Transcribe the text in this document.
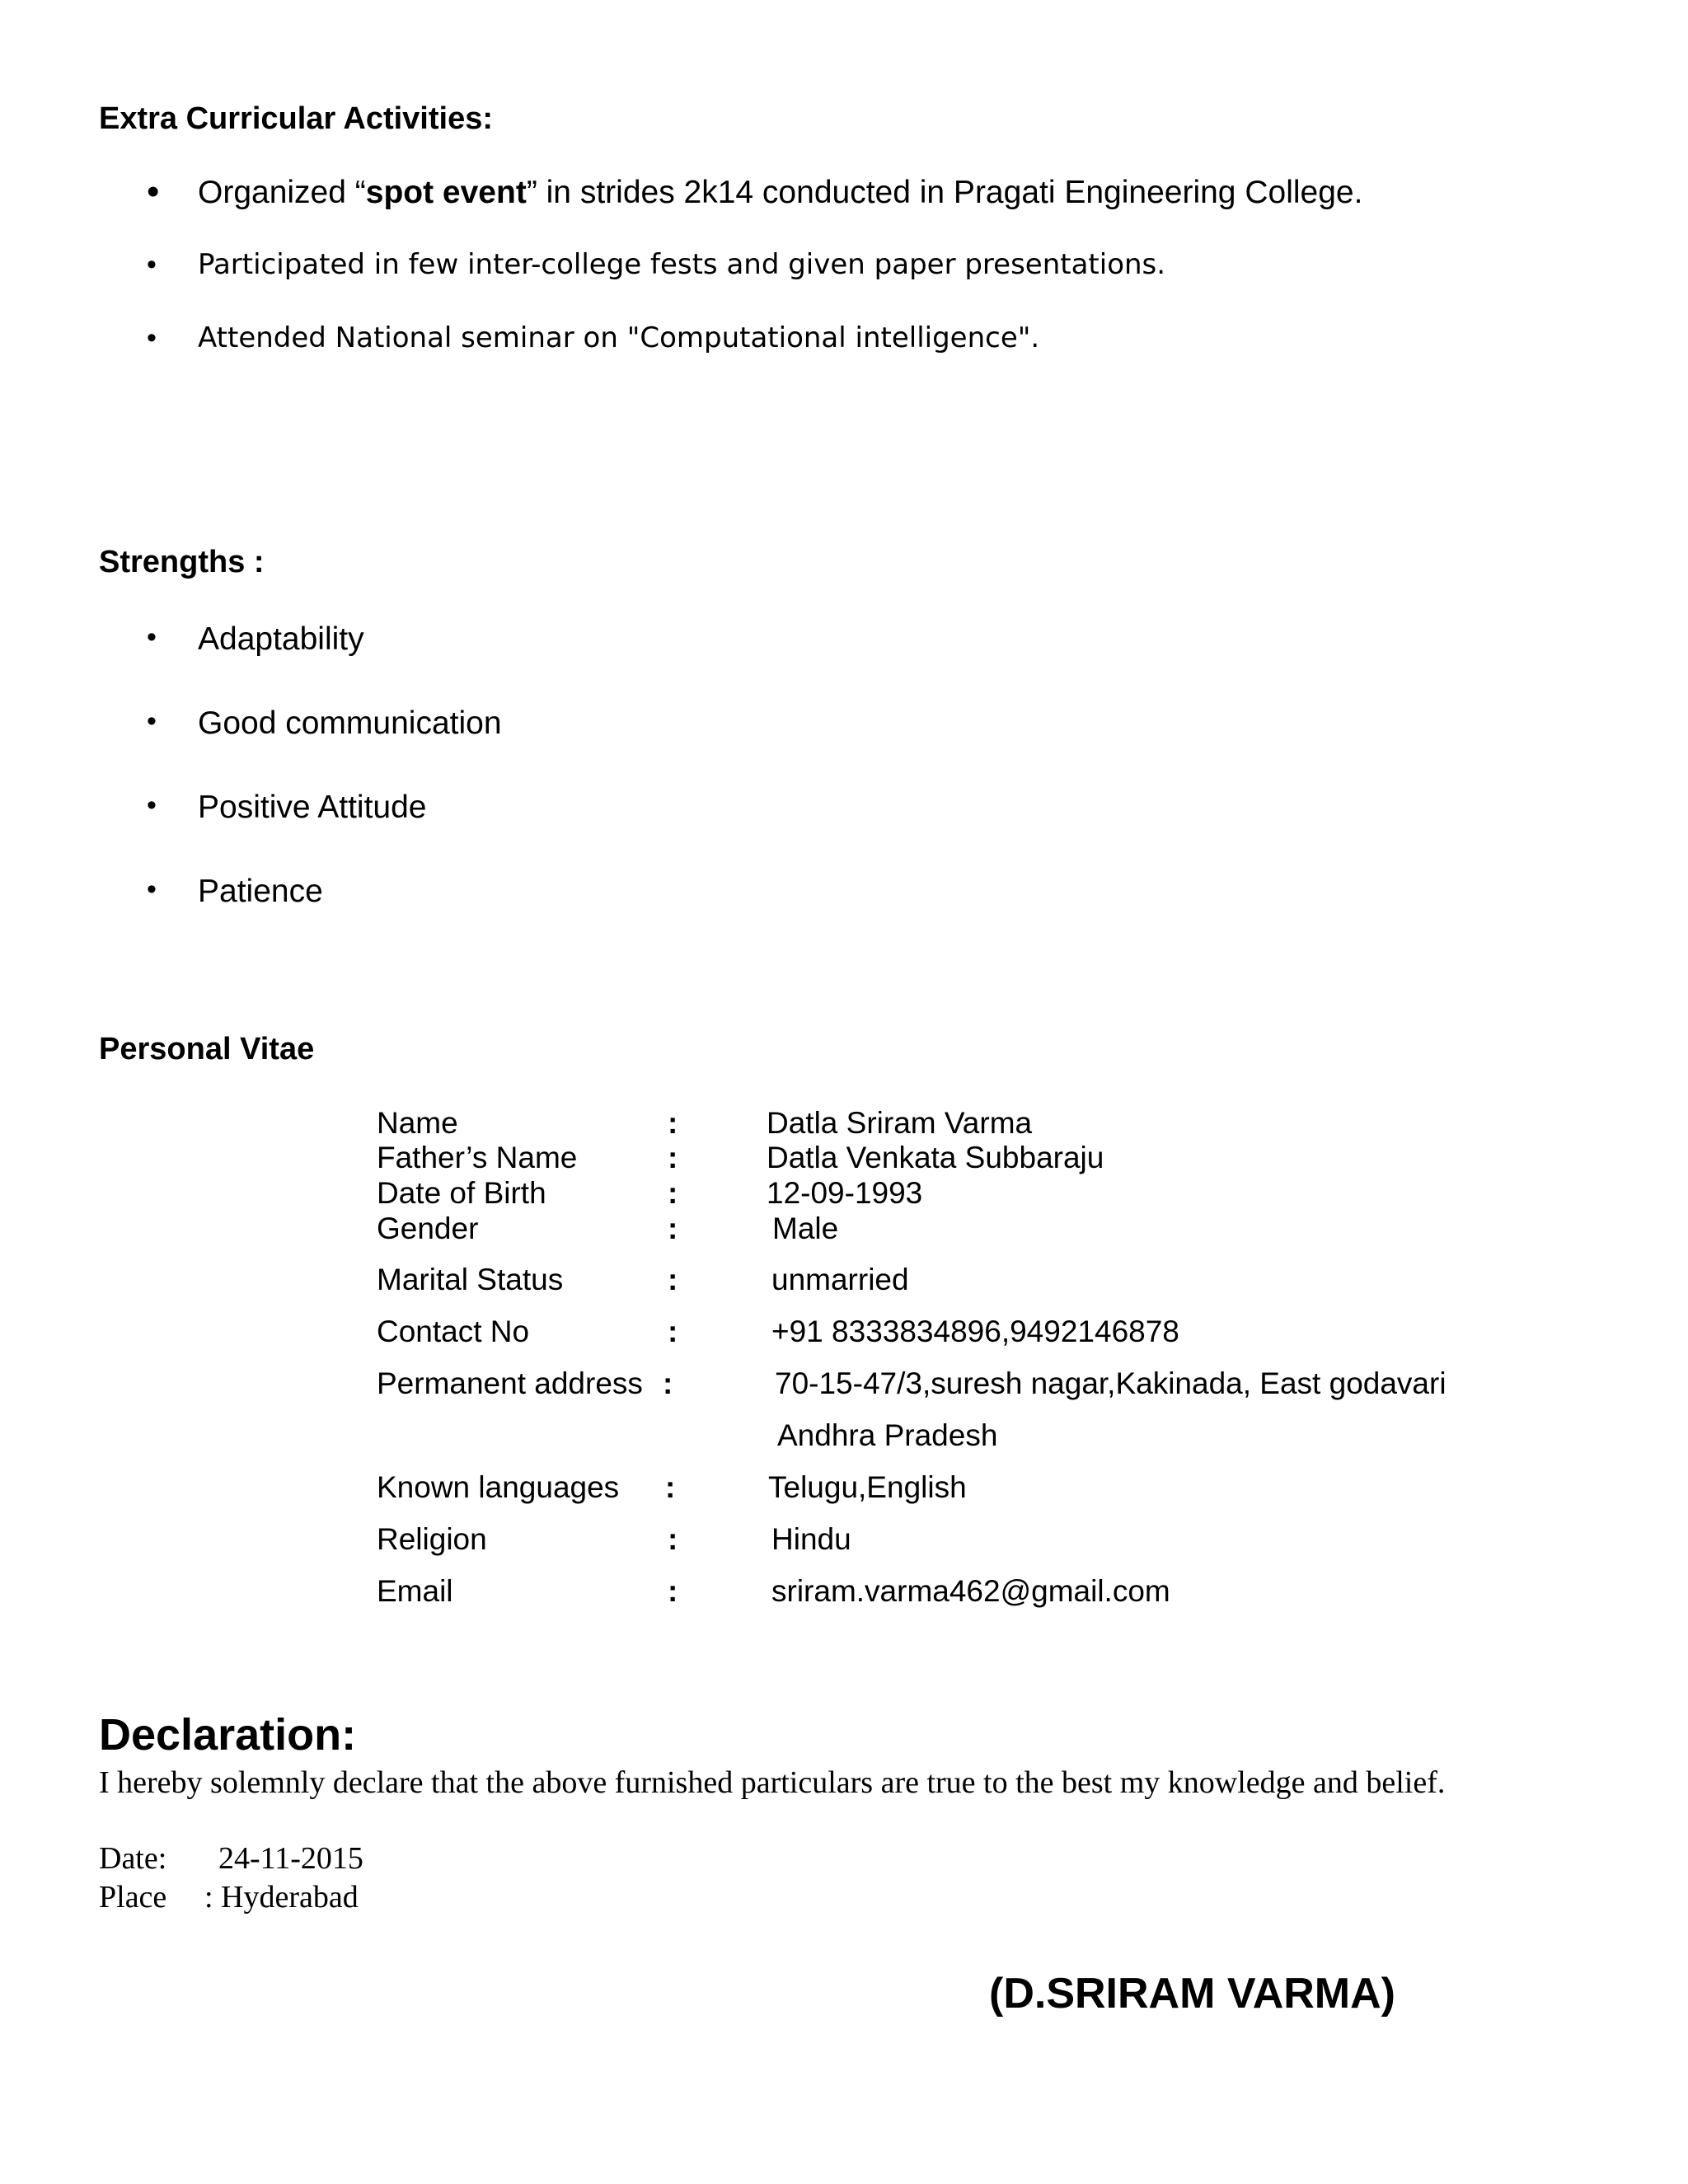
Extra Curricular Activities:
• Organized “spot event” in strides 2k14 conducted in Pragati Engineering College.
• Participated in few inter-college fests and given paper presentations.
• Attended National seminar on "Computational intelligence".
Strengths :
• Adaptability
• Good communication
• Positive Attitude
• Patience
Personal Vitae
Name	:	Datla Sriram Varma
Father’s Name	:	Datla Venkata Subbaraju
Date of Birth	:	12-09-1993
Gender	:	Male
Marital Status	:	unmarried
Contact No	:	+91 8333834896,9492146878
Permanent address :	70-15-47/3,suresh nagar,Kakinada, East godavari
Andhra Pradesh
Known languages :	Telugu,English
Religion	:	Hindu
Email	:	sriram.varma462@gmail.com
Declaration:

I hereby solemnly declare that the above furnished particulars are true to the best my knowledge and belief.

Date: 24-11-2015
Place : Hyderabad
(D.SRIRAM VARMA)
